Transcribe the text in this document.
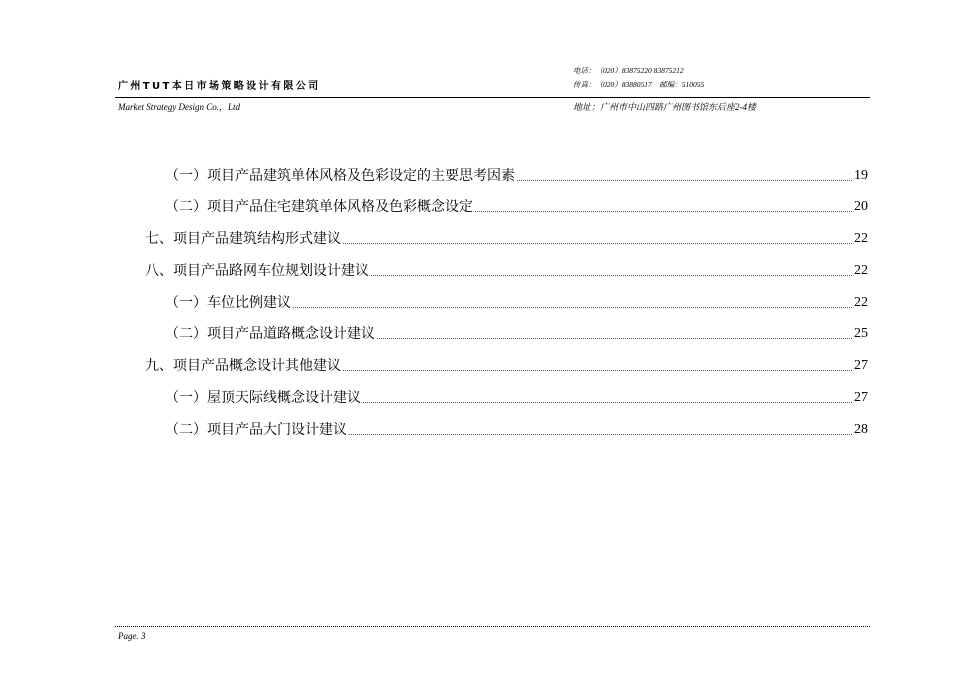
电话：（020）83875220 83875212
传真：（020）83880517　邮编：510055
广州TUT本日市场策略设计有限公司
Market Strategy Design Co.，Ltd	地址：广州市中山四路广州图书馆东后座2-4楼
（一）项目产品建筑单体风格及色彩设定的主要思考因素	19
（二）项目产品住宅建筑单体风格及色彩概念设定	20
七、项目产品建筑结构形式建议	22
八、项目产品路网车位规划设计建议	22
（一）车位比例建议	22
（二）项目产品道路概念设计建议	25
九、项目产品概念设计其他建议	27
（一）屋顶天际线概念设计建议	27
（二）项目产品大门设计建议	28
Page. 3
